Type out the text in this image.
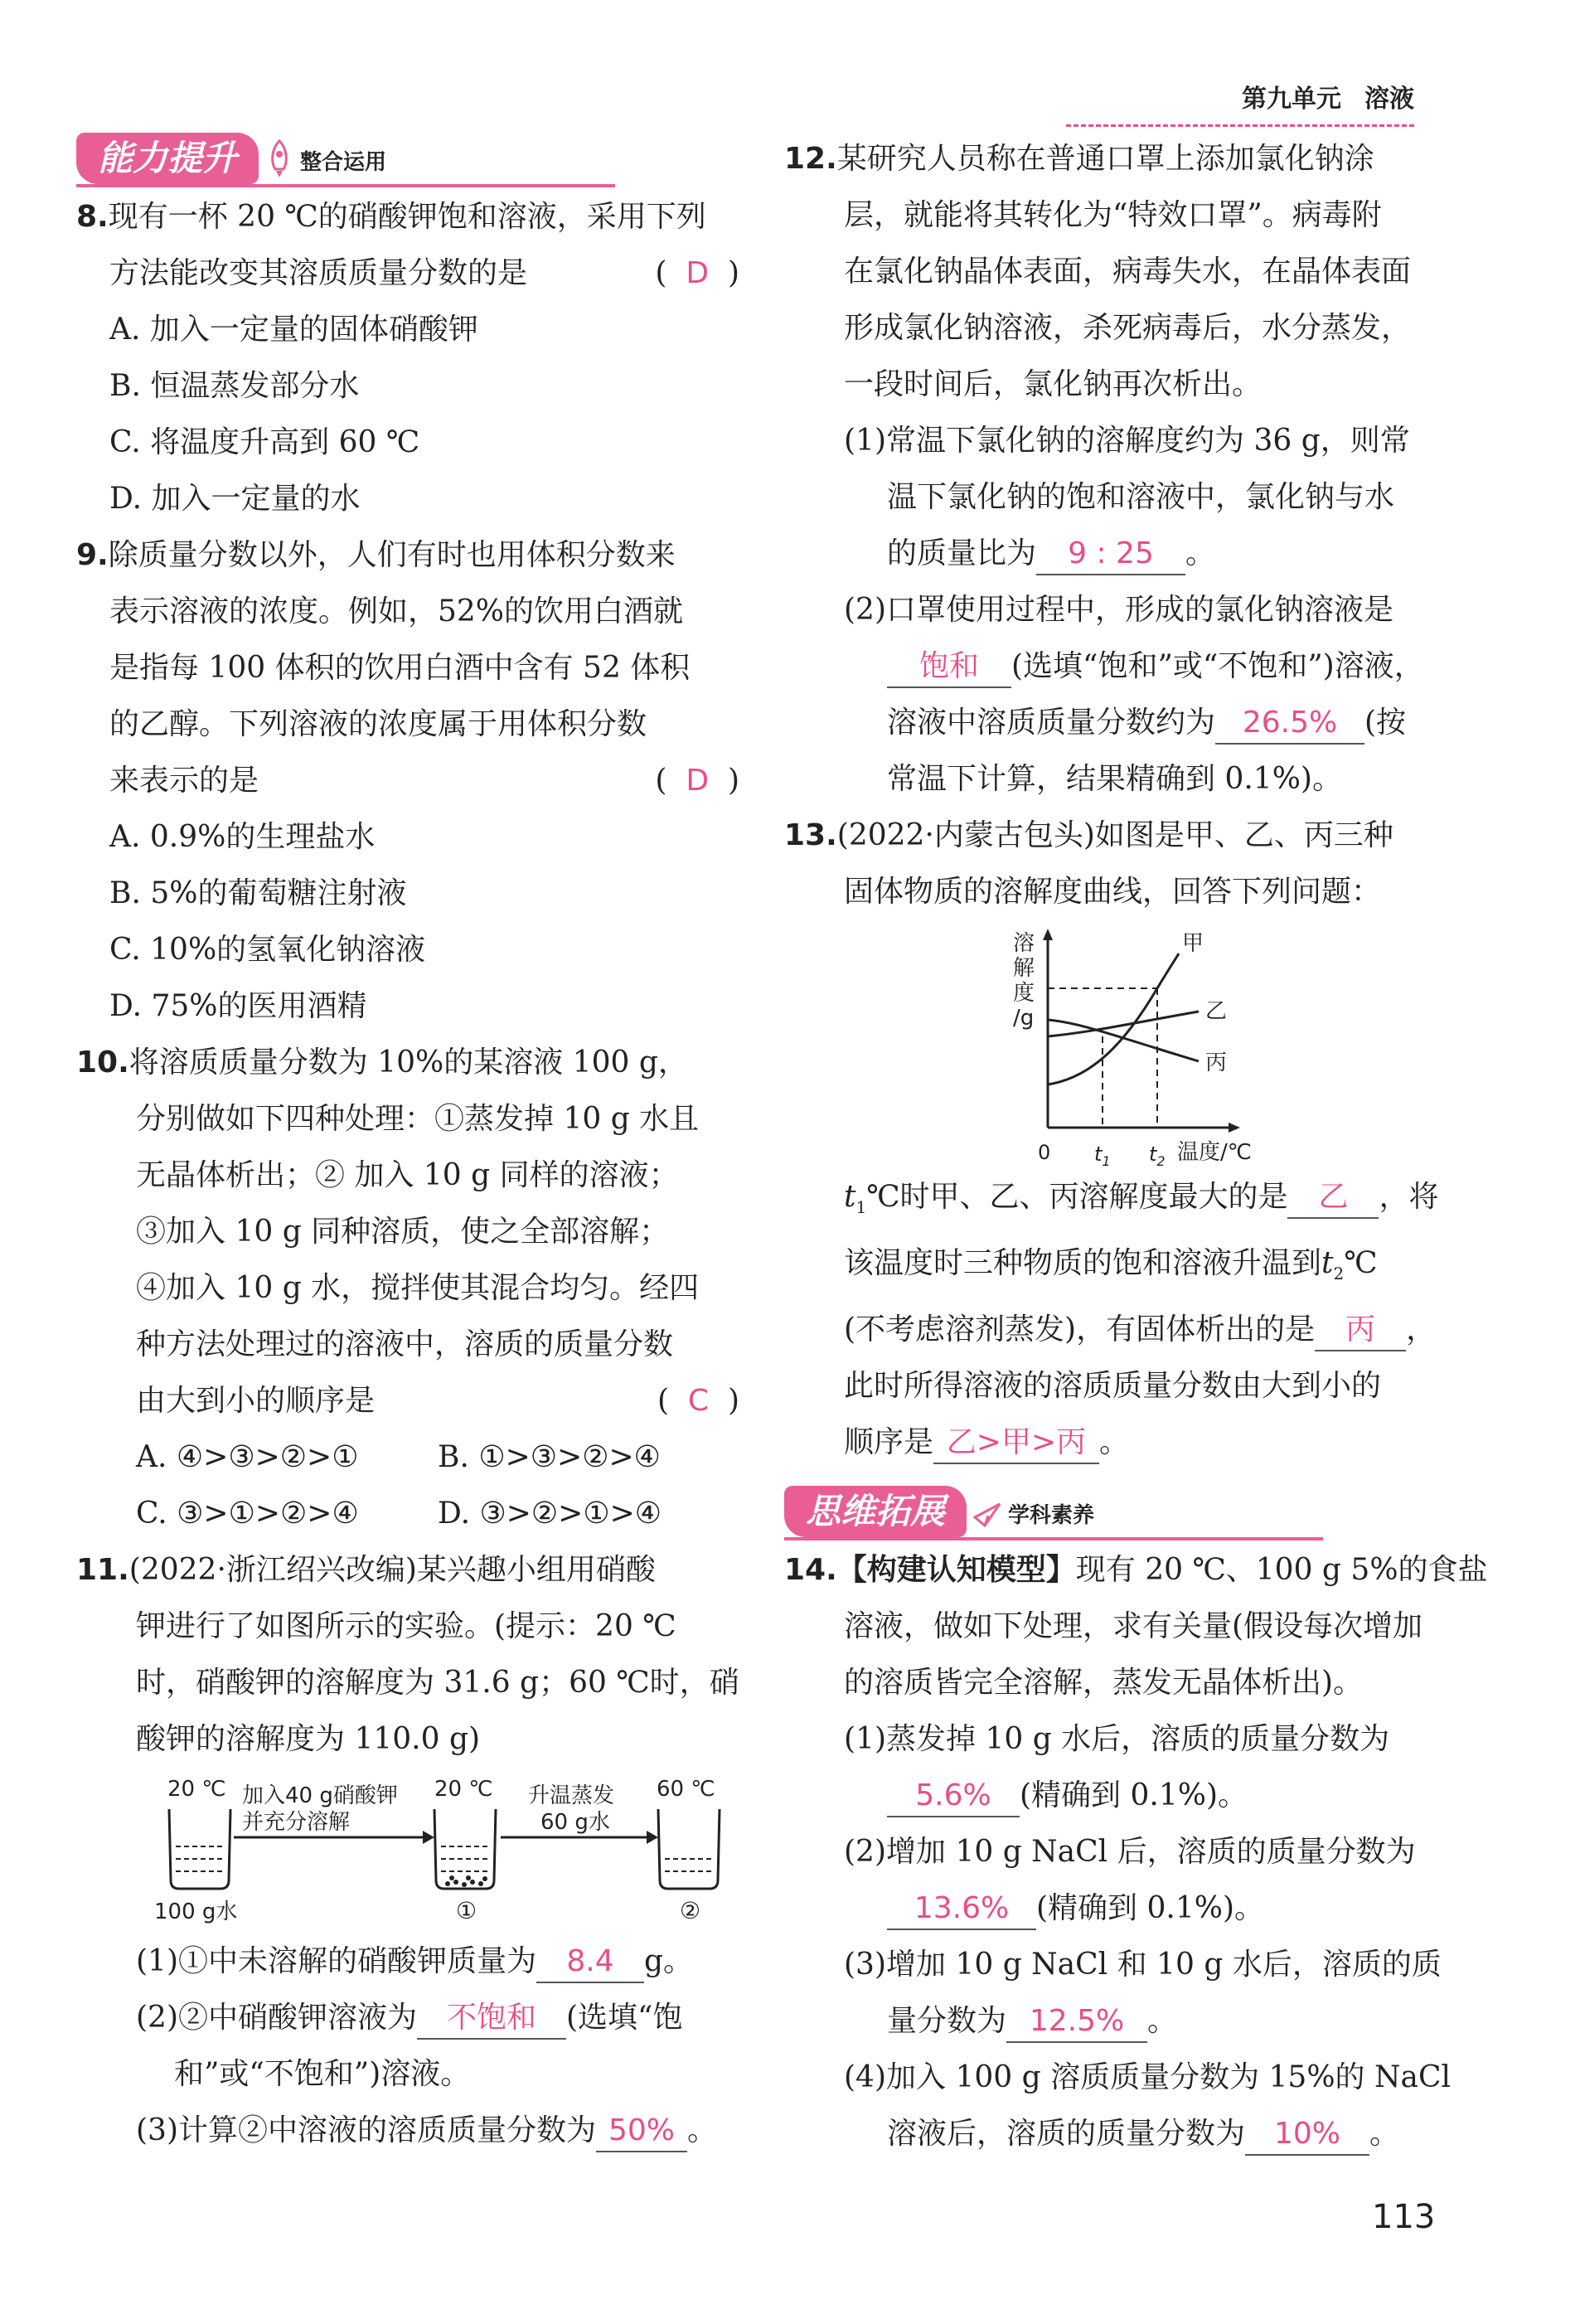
第九单元 溶液
能力提升	整合运用
8.现有一杯 20 ℃的硝酸钾饱和溶液，采用下列
方法能改变其溶质质量分数的是	(  D  )
A. 加入一定量的固体硝酸钾
B. 恒温蒸发部分水
C. 将温度升高到 60 ℃
D. 加入一定量的水
9.除质量分数以外，人们有时也用体积分数来
表示溶液的浓度。例如，52%的饮用白酒就
是指每 100 体积的饮用白酒中含有 52 体积
的乙醇。下列溶液的浓度属于用体积分数
来表示的是	(  D  )
A. 0.9%的生理盐水
B. 5%的葡萄糖注射液
C. 10%的氢氧化钠溶液
D. 75%的医用酒精
10.将溶质质量分数为 10%的某溶液 100 g，
分别做如下四种处理：①蒸发掉 10 g 水且
无晶体析出；② 加入 10 g 同样的溶液；
③加入 10 g 同种溶质，使之全部溶解；
④加入 10 g 水，搅拌使其混合均匀。经四
种方法处理过的溶液中，溶质的质量分数
由大到小的顺序是	(  C  )
A. ④>③>②>①	B. ①>③>②>④
C. ③>①>②>④	D. ③>②>①>④
11.(2022·浙江绍兴改编)某兴趣小组用硝酸
钾进行了如图所示的实验。(提示：20 ℃
时，硝酸钾的溶解度为 31.6 g；60 ℃时，硝
酸钾的溶解度为 110.0 g)
20 ℃	20 ℃	60 ℃
加入40 g硝酸钾
并充分溶解
升温蒸发
60 g水
100 g水	①	②
(1)①中未溶解的硝酸钾质量为 8.4 g。
(2)②中硝酸钾溶液为 不饱和 (选填“饱
和”或“不饱和”)溶液。
(3)计算②中溶液的溶质质量分数为 50% 。
12.某研究人员称在普通口罩上添加氯化钠涂
层，就能将其转化为“特效口罩”。病毒附
在氯化钠晶体表面，病毒失水，在晶体表面
形成氯化钠溶液，杀死病毒后，水分蒸发，
一段时间后，氯化钠再次析出。
(1)常温下氯化钠的溶解度约为 36 g，则常
温下氯化钠的饱和溶液中，氯化钠与水
的质量比为 9 : 25 。
(2)口罩使用过程中，形成的氯化钠溶液是
饱和 (选填“饱和”或“不饱和”)溶液，
溶液中溶质质量分数约为 26.5% (按
常温下计算，结果精确到 0.1%)。
13.(2022·内蒙古包头)如图是甲、乙、丙三种
固体物质的溶解度曲线，回答下列问题：
溶
解
度
/g
甲
乙
丙
0 $t_1$ $t_2$ 温度/℃
$t_1℃$时甲、乙、丙溶解度最大的是 乙 ，将
该温度时三种物质的饱和溶液升温到$t_2℃$
(不考虑溶剂蒸发)，有固体析出的是 丙 ，
此时所得溶液的溶质质量分数由大到小的
顺序是 乙>甲>丙 。
思维拓展	学科素养
14.【构建认知模型】现有 20 ℃、100 g 5%的食盐
溶液，做如下处理，求有关量(假设每次增加
的溶质皆完全溶解，蒸发无晶体析出)。
(1)蒸发掉 10 g 水后，溶质的质量分数为
5.6% (精确到 0.1%)。
(2)增加 10 g NaCl 后，溶质的质量分数为
13.6% (精确到 0.1%)。
(3)增加 10 g NaCl 和 10 g 水后，溶质的质
量分数为 12.5% 。
(4)加入 100 g 溶质质量分数为 15%的 NaCl
溶液后，溶质的质量分数为 10% 。
113
